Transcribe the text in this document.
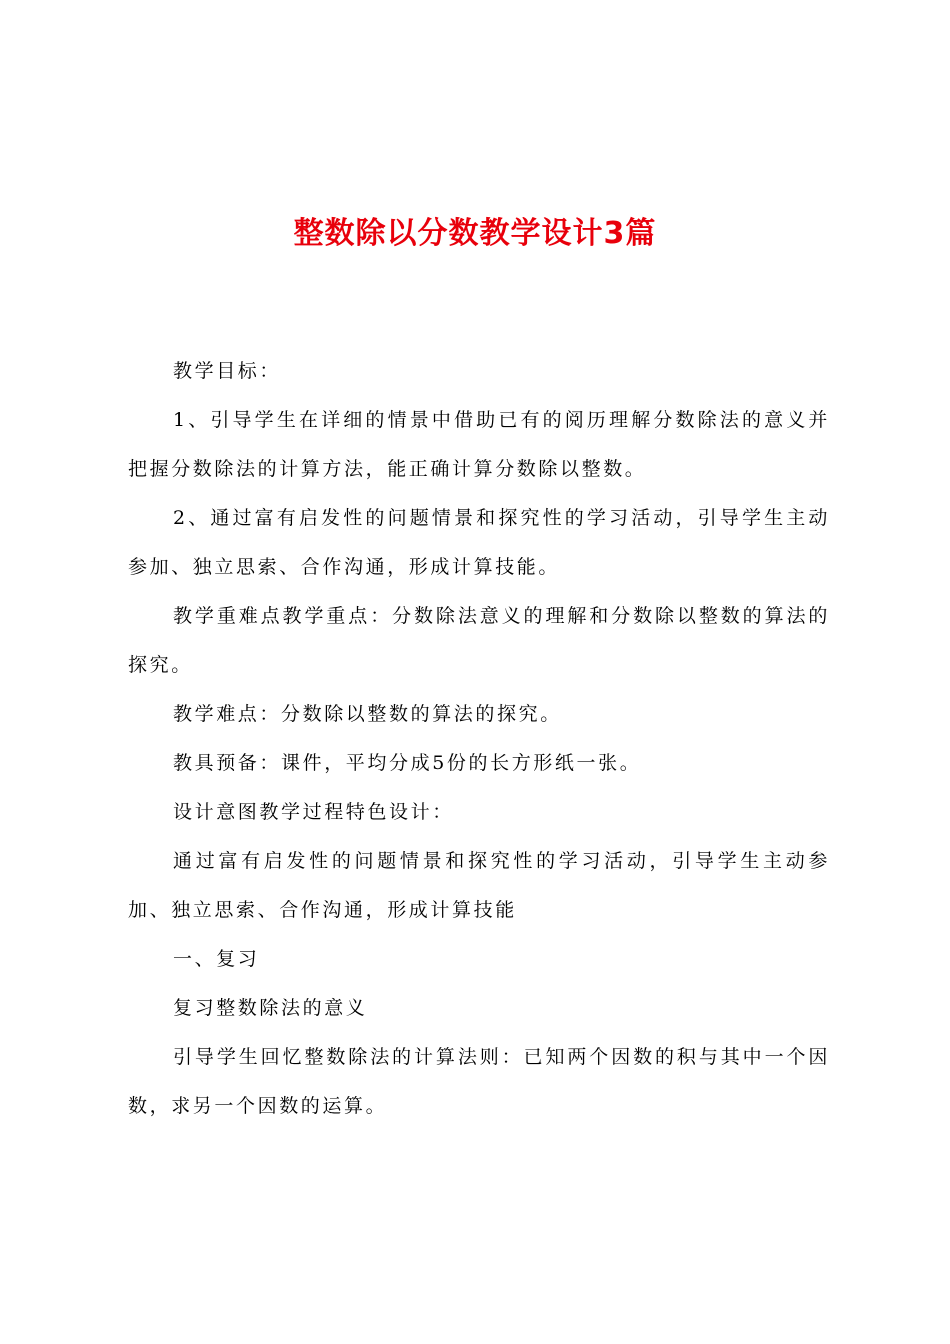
整数除以分数教学设计3篇

教学目标：

1、引导学生在详细的情景中借助已有的阅历理解分数除法的意义并把握分数除法的计算方法，能正确计算分数除以整数。

2、通过富有启发性的问题情景和探究性的学习活动，引导学生主动参加、独立思索、合作沟通，形成计算技能。

教学重难点教学重点：分数除法意义的理解和分数除以整数的算法的探究。

教学难点：分数除以整数的算法的探究。

教具预备：课件，平均分成5份的长方形纸一张。

设计意图教学过程特色设计：

通过富有启发性的问题情景和探究性的学习活动，引导学生主动参加、独立思索、合作沟通，形成计算技能

一、复习

复习整数除法的意义

引导学生回忆整数除法的计算法则：已知两个因数的积与其中一个因数，求另一个因数的运算。
